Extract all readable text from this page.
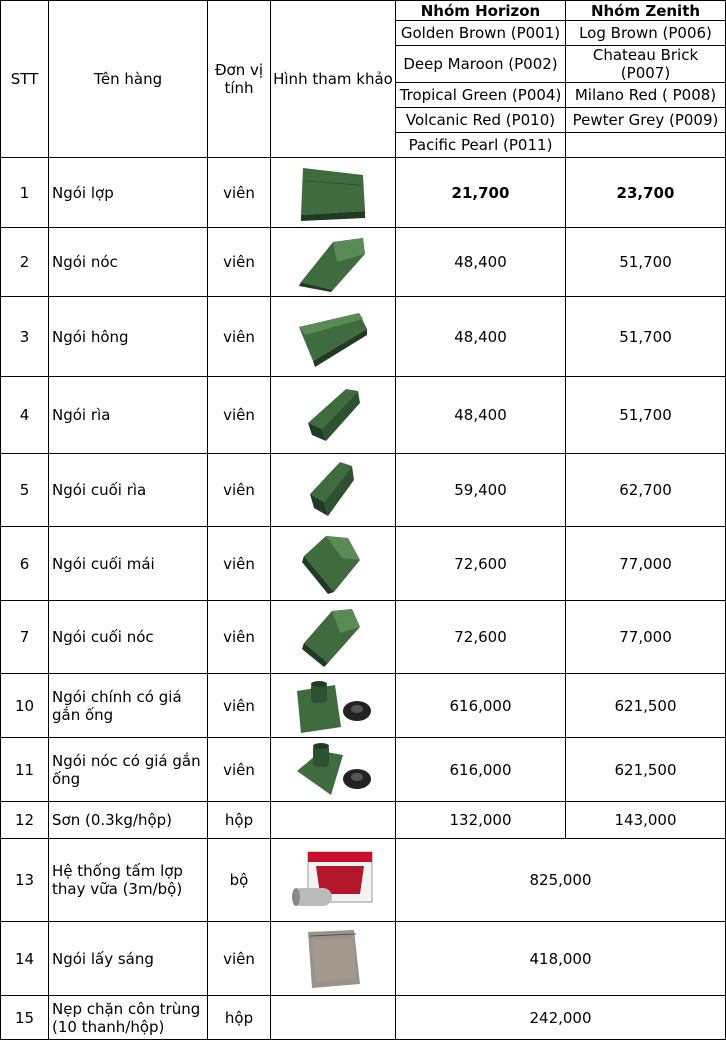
STT	Tên hàng	Đơn vị tính	Hình tham khảo	Nhóm Horizon	Nhóm Zenith
				Golden Brown (P001)	Log Brown (P006)
				Deep Maroon (P002)	Chateau Brick (P007)
				Tropical Green (P004)	Milano Red ( P008)
				Volcanic Red (P010)	Pewter Grey (P009)
				Pacific Pearl (P011)	
1	Ngói lợp	viên		21,700	23,700
2	Ngói nóc	viên		48,400	51,700
3	Ngói hông	viên		48,400	51,700
4	Ngói rìa	viên		48,400	51,700
5	Ngói cuối rìa	viên		59,400	62,700
6	Ngói cuối mái	viên		72,600	77,000
7	Ngói cuối nóc	viên		72,600	77,000
10	Ngói chính có giá gắn ống	viên		616,000	621,500
11	Ngói nóc có giá gắn ống	viên		616,000	621,500
12	Sơn (0.3kg/hộp)	hộp		132,000	143,000
13	Hệ thống tấm lợp thay vữa (3m/bộ)	bộ		825,000	
14	Ngói lấy sáng	viên		418,000	
15	Nẹp chặn côn trùng (10 thanh/hộp)	hộp		242,000	
